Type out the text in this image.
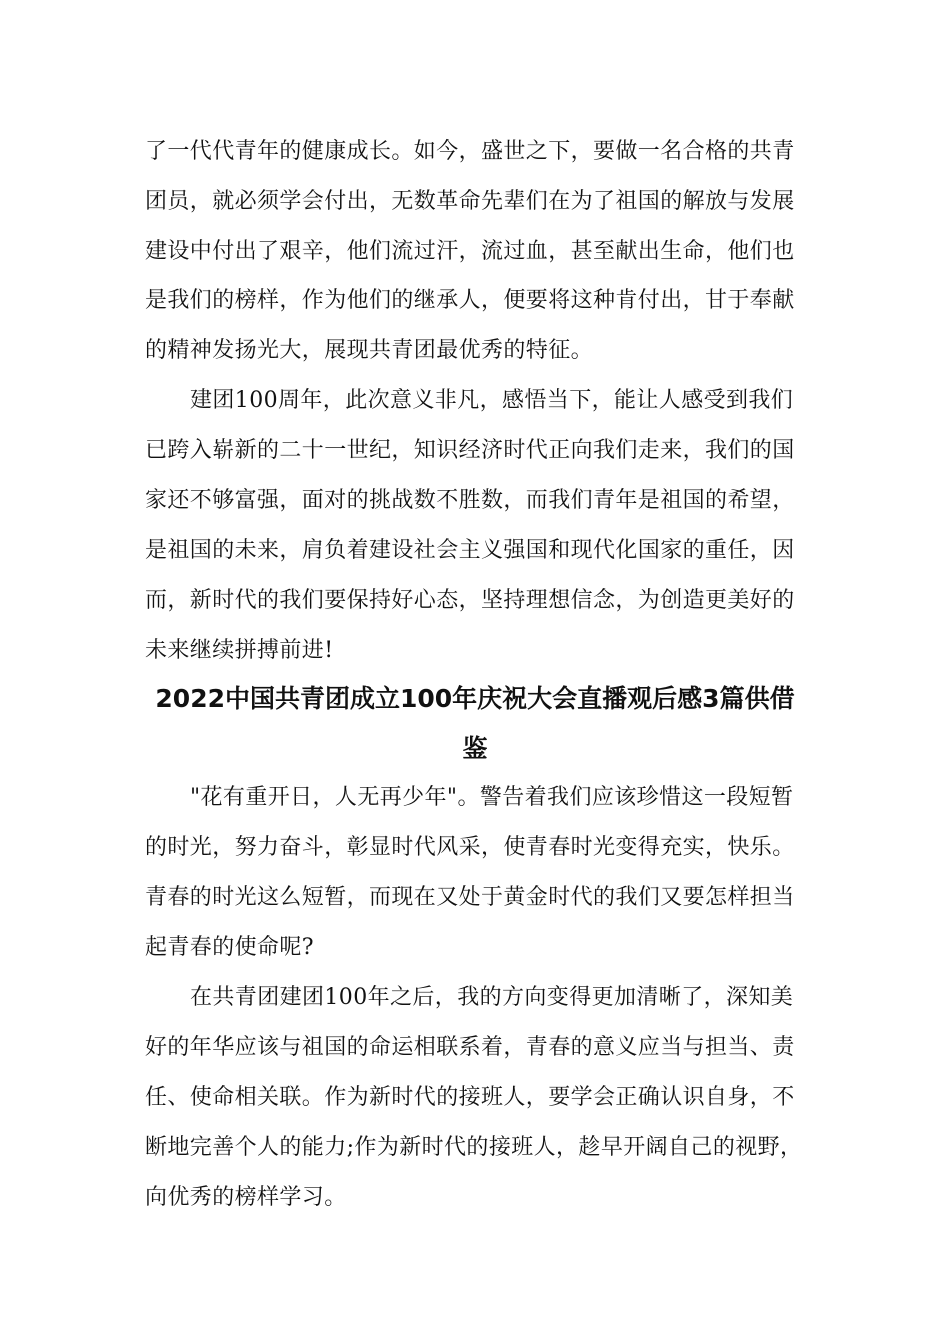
了一代代青年的健康成长。如今，盛世之下，要做一名合格的共青
团员，就必须学会付出，无数革命先辈们在为了祖国的解放与发展
建设中付出了艰辛，他们流过汗，流过血，甚至献出生命，他们也
是我们的榜样，作为他们的继承人，便要将这种肯付出，甘于奉献
的精神发扬光大，展现共青团最优秀的特征。
建团100周年，此次意义非凡，感悟当下，能让人感受到我们
已跨入崭新的二十一世纪，知识经济时代正向我们走来，我们的国
家还不够富强，面对的挑战数不胜数，而我们青年是祖国的希望，
是祖国的未来，肩负着建设社会主义强国和现代化国家的重任，因
而，新时代的我们要保持好心态，坚持理想信念，为创造更美好的
未来继续拼搏前进!
2022中国共青团成立100年庆祝大会直播观后感3篇供借
鉴
"花有重开日，人无再少年"。警告着我们应该珍惜这一段短暂
的时光，努力奋斗，彰显时代风采，使青春时光变得充实，快乐。
青春的时光这么短暂，而现在又处于黄金时代的我们又要怎样担当
起青春的使命呢?
在共青团建团100年之后，我的方向变得更加清晰了，深知美
好的年华应该与祖国的命运相联系着，青春的意义应当与担当、责
任、使命相关联。作为新时代的接班人，要学会正确认识自身，不
断地完善个人的能力;作为新时代的接班人，趁早开阔自己的视野，
向优秀的榜样学习。
